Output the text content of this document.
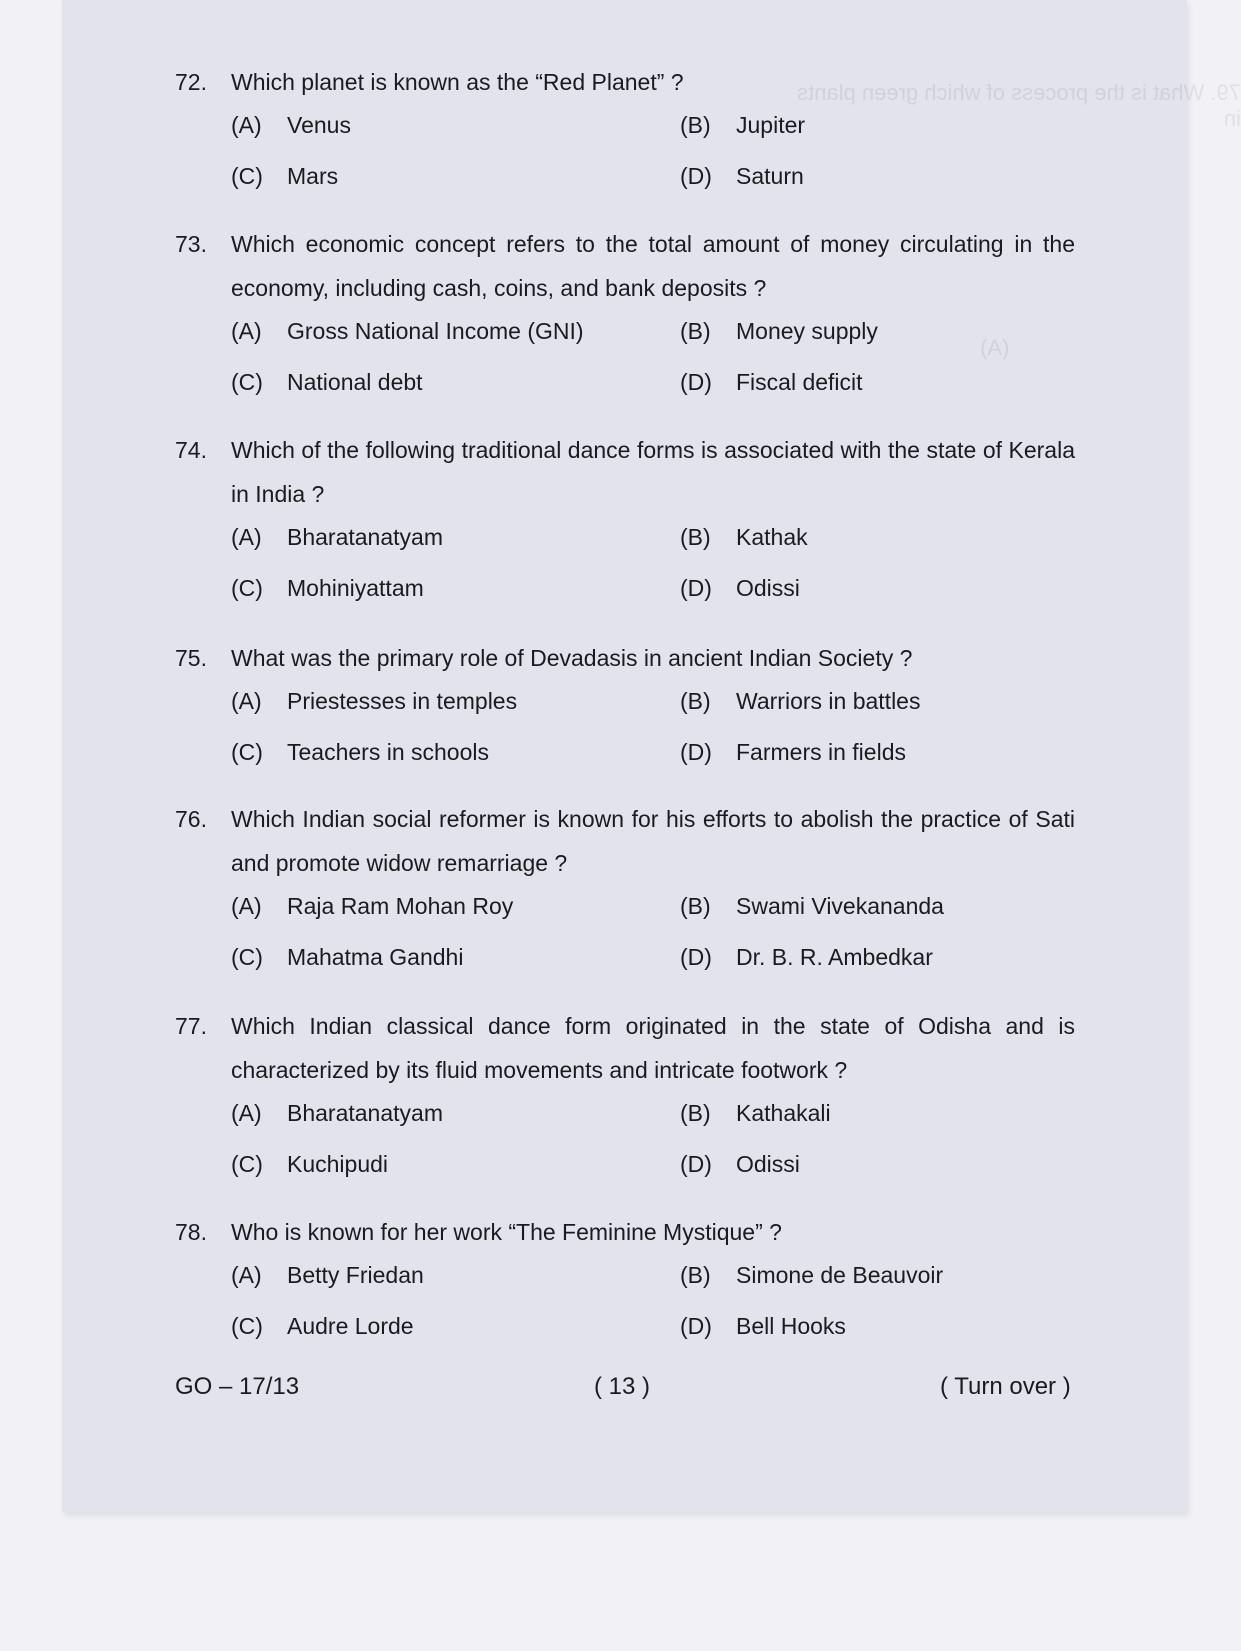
79. What is the process of which green plants in
(A)
72. Which planet is known as the “Red Planet” ?
(A) Venus	(B) Jupiter
(C) Mars	(D) Saturn
73. Which economic concept refers to the total amount of money circulating in the economy, including cash, coins, and bank deposits ?
(A) Gross National Income (GNI)	(B) Money supply
(C) National debt	(D) Fiscal deficit
74. Which of the following traditional dance forms is associated with the state of Kerala in India ?
(A) Bharatanatyam	(B) Kathak
(C) Mohiniyattam	(D) Odissi
75. What was the primary role of Devadasis in ancient Indian Society ?
(A) Priestesses in temples	(B) Warriors in battles
(C) Teachers in schools	(D) Farmers in fields
76. Which Indian social reformer is known for his efforts to abolish the practice of Sati and promote widow remarriage ?
(A) Raja Ram Mohan Roy	(B) Swami Vivekananda
(C) Mahatma Gandhi	(D) Dr. B. R. Ambedkar
77. Which Indian classical dance form originated in the state of Odisha and is characterized by its fluid movements and intricate footwork ?
(A) Bharatanatyam	(B) Kathakali
(C) Kuchipudi	(D) Odissi
78. Who is known for her work “The Feminine Mystique” ?
(A) Betty Friedan	(B) Simone de Beauvoir
(C) Audre Lorde	(D) Bell Hooks
GO – 17/13	( 13 )	( Turn over )
